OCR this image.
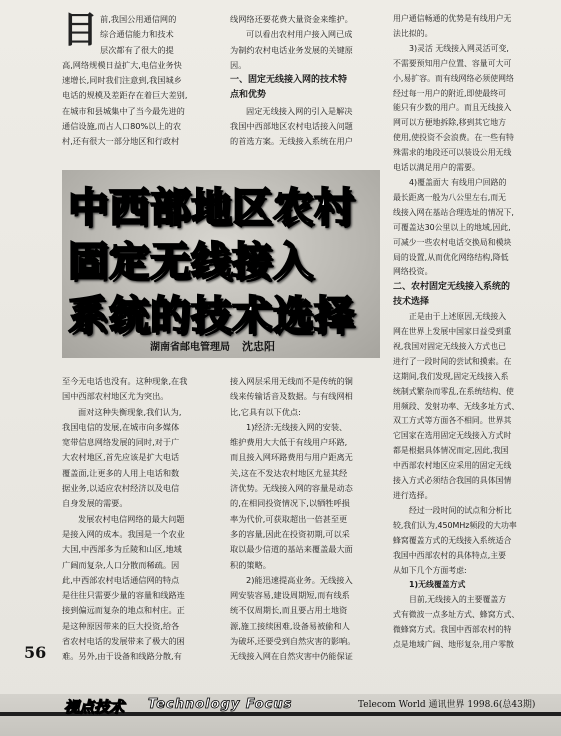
目 前,我国公用通信网的

综合通信能力和技术

层次都有了很大的提

高,网络规模日益扩大,电信业务快

速增长,同时我们注意到,我国城乡

电话的规模及差距存在着巨大差别,

在城市和县城集中了当今最先进的

通信设施,而占人口80%以上的农

村,还有很大一部分地区和行政村

线网络还要花费大量资金来维护。

可以看出农村用户接入网已成

为制约农村电话业务发展的关键原

因。

一、固定无线接入网的技术特

点和优势

固定无线接入网的引入是解决

我国中西部地区农村电话接入问题

的首选方案。无线接入系统在用户

用户通信畅通的优势是有线用户无

法比拟的。

3)灵活 无线接入网灵活可变,

不需要预知用户位置、容量可大可

小,易扩容。而有线网络必须使网络

经过每一用户的附近,即使最终可

能只有少数的用户。而且无线接入

网可以方便地拆除,移到其它地方

使用,使投资不会浪费。在一些有特

殊需求的地段还可以装设公用无线

电话以满足用户的需要。

4)覆盖面大 有线用户回路的

最长距离一般为八公里左右,而无

线接入网在基站合理选址的情况下,

可覆盖达30公里以上的地域,因此,

可减少一些农村电话交换局和模块

局的设置,从而优化网络结构,降低

网络投资。

二、农村固定无线接入系统的

技术选择

正是由于上述原因,无线接入

网在世界上发展中国家日益受到重

视,我国对固定无线接入方式也已

进行了一段时间的尝试和摸索。在

这期间,我们发现,固定无线接入系

统制式繁杂而零乱,在系统结构、使

用频段、发射功率、无线多址方式、

双工方式等方面各不相同。世界其

它国家在选用固定无线接入方式时

都是根据具体情况而定,因此,我国

中西部农村地区应采用的固定无线

接入方式必须结合我国的具体国情

进行选择。

经过一段时间的试点和分析比

较,我们认为,450MHz频段的大功率

蜂窝覆盖方式的无线接入系统适合

我国中西部农村的具体特点,主要

从如下几个方面考虑:

1)无线覆盖方式

目前,无线接入的主要覆盖方

式有微波一点多址方式、蜂窝方式、

微蜂窝方式。我国中西部农村的特

点是地域广阔、地形复杂,用户零散

中西部地区农村
固定无线接入
系统的技术选择
湖南省邮电管理局 沈忠阳

至今无电话也没有。这种现象,在我

国中西部农村地区尤为突出。

面对这种失衡现象,我们认为,

我国电信的发展,在城市向多媒体

宽带信息网络发展的同时,对于广

大农村地区,首先应该是扩大电话

覆盖面,让更多的人用上电话和数

据业务,以适应农村经济以及电信

自身发展的需要。

发展农村电信网络的最大问题

是接入网的成本。我国是一个农业

大国,中西部多为丘陵和山区,地域

广阔而复杂,人口分散而稀疏。因

此,中西部农村电话通信网的特点

是往往只需要少量的容量和线路连

接到偏远而复杂的地点和村庄。正

是这种原因带来的巨大投资,给各

省农村电话的发展带来了极大的困

难。另外,由于设备和线路分散,有

接入网层采用无线而不是传统的铜

线来传输话音及数据。与有线网相

比,它具有以下优点:

1)经济:无线接入网的安装、

维护费用大大低于有线用户环路,

而且接入网环路费用与用户距离无

关,这在不发达农村地区尤显其经

济优势。无线接入网的容量是动态

的,在相同投资情况下,以牺牲呼损

率为代价,可获取超出一倍甚至更

多的容量,因此在投资初期,可以采

取以最少信道的基站来覆盖最大面

积的策略。

2)能迅速提高业务。无线接入

网安装容易,建设周期短,而有线系

统不仅周期长,而且要占用土地资

源,施工接续困难,设备易被偷和人

为破坏,还要受到自然灾害的影响。

无线接入网在自然灾害中仍能保证

56
视点技术 Technology Focus	Telecom World 通讯世界 1998.6(总43期)
